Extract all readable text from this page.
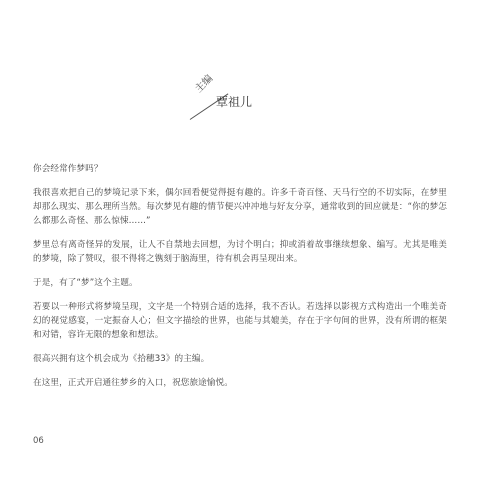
主编
覃祖儿

你会经常作梦吗？

我很喜欢把自己的梦境记录下来，偶尔回看便觉得挺有趣的。许多千奇百怪、天马行空的不切实际，在梦里却那么现实、那么理所当然。每次梦见有趣的情节便兴冲冲地与好友分享，通常收到的回应就是：“你的梦怎么都那么奇怪、那么惊悚……”

梦里总有离奇怪异的发展，让人不自禁地去回想，为讨个明白；抑或消着故事继续想象、编写。尤其是唯美的梦境，除了赞叹，很不得将之镌刻于脑海里，待有机会再呈现出来。

于是，有了“梦”这个主题。

若要以一种形式将梦境呈现，文字是一个特别合适的选择，我不否认。若选择以影视方式构造出一个唯美奇幻的视觉感宴，一定振奋人心；但文字描绘的世界，也能与其媲美，存在于字句间的世界，没有所谓的框架和对错，容许无限的想象和想法。

很高兴拥有这个机会成为《拾穗33》的主编。

在这里，正式开启通往梦乡的入口，祝您旅途愉悦。

06
